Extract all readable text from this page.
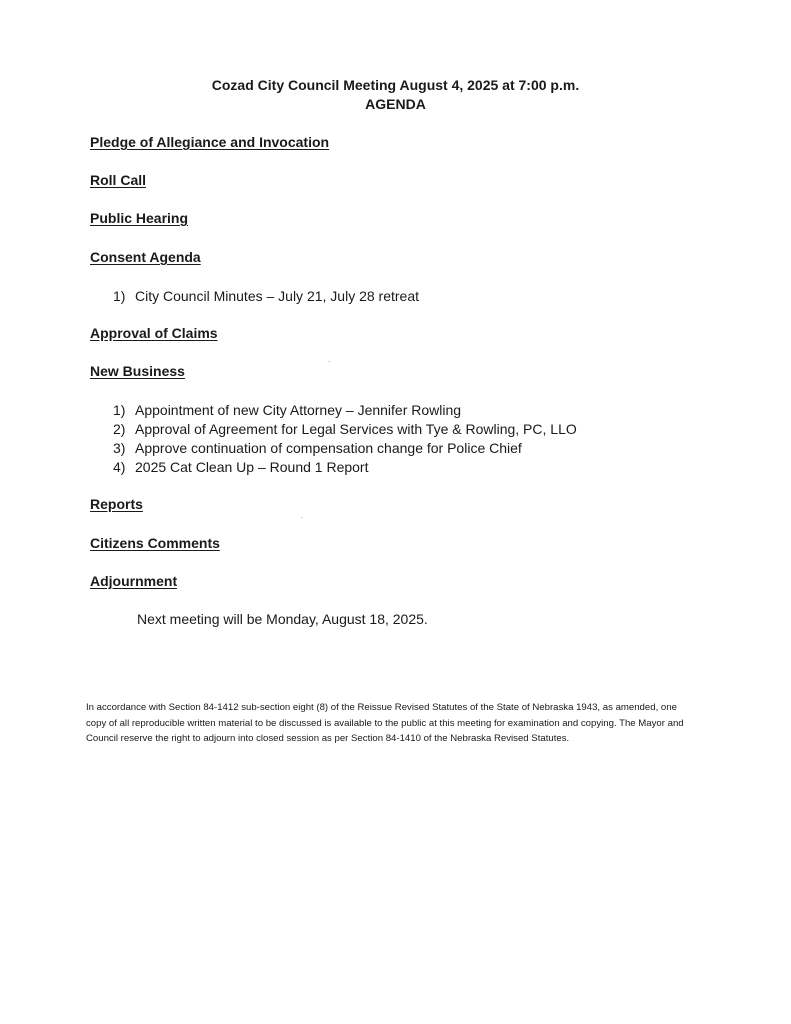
Cozad City Council Meeting August 4, 2025 at 7:00 p.m.
AGENDA
Pledge of Allegiance and Invocation
Roll Call
Public Hearing
Consent Agenda
1) City Council Minutes – July 21, July 28 retreat
Approval of Claims
New Business
1) Appointment of new City Attorney – Jennifer Rowling
2) Approval of Agreement for Legal Services with Tye & Rowling, PC, LLO
3) Approve continuation of compensation change for Police Chief
4) 2025 Cat Clean Up – Round 1 Report
Reports
Citizens Comments
Adjournment
Next meeting will be Monday, August 18, 2025.
In accordance with Section 84-1412 sub-section eight (8) of the Reissue Revised Statutes of the State of Nebraska 1943, as amended, one copy of all reproducible written material to be discussed is available to the public at this meeting for examination and copying. The Mayor and Council reserve the right to adjourn into closed session as per Section 84-1410 of the Nebraska Revised Statutes.
